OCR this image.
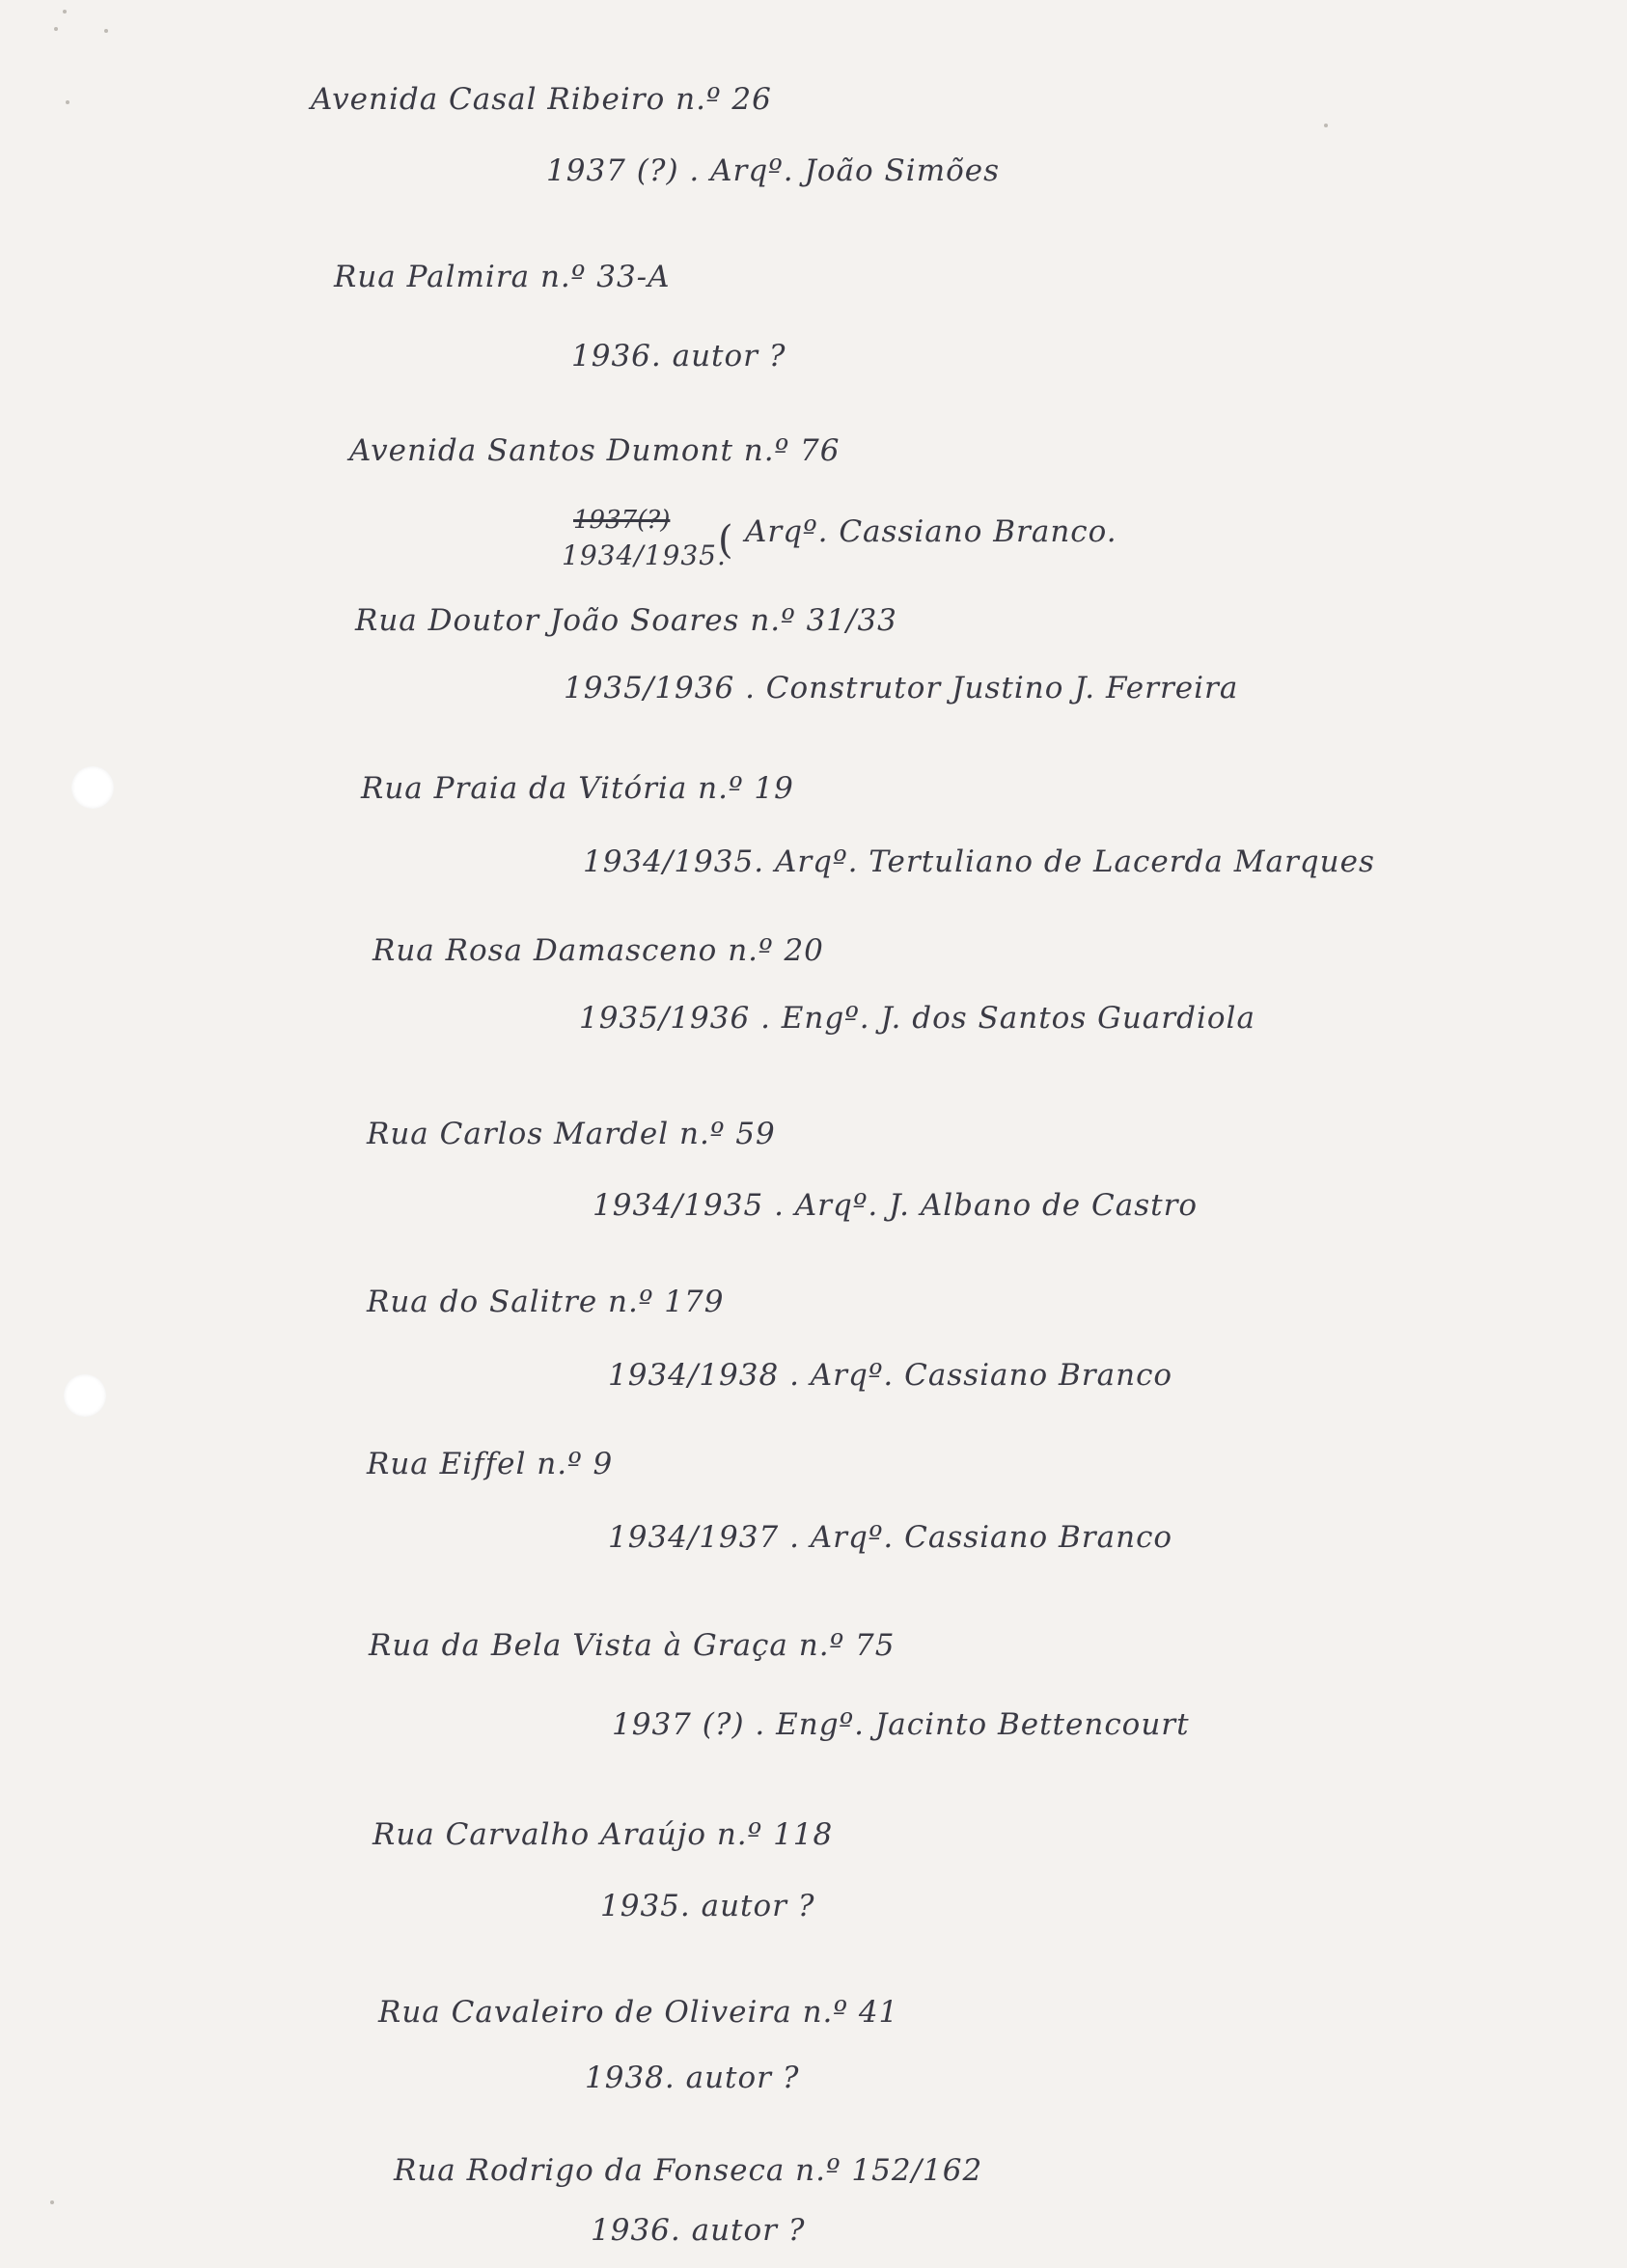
Avenida Casal Ribeiro n.º 26
1937 (?) . Arqº. João Simões
Rua Palmira n.º 33-A
1936. autor ?
Avenida Santos Dumont n.º 76
1937(?)
1934/1935.
( Arqº. Cassiano Branco.
Rua Doutor João Soares n.º 31/33
1935/1936 . Construtor Justino J. Ferreira
Rua Praia da Vitória n.º 19
1934/1935. Arqº. Tertuliano de Lacerda Marques
Rua Rosa Damasceno n.º 20
1935/1936 . Engº. J. dos Santos Guardiola
Rua Carlos Mardel n.º 59
1934/1935 . Arqº. J. Albano de Castro
Rua do Salitre n.º 179
1934/1938 . Arqº. Cassiano Branco
Rua Eiffel n.º 9
1934/1937 . Arqº. Cassiano Branco
Rua da Bela Vista à Graça n.º 75
1937 (?) . Engº. Jacinto Bettencourt
Rua Carvalho Araújo n.º 118
1935. autor ?
Rua Cavaleiro de Oliveira n.º 41
1938. autor ?
Rua Rodrigo da Fonseca n.º 152/162
1936. autor ?
